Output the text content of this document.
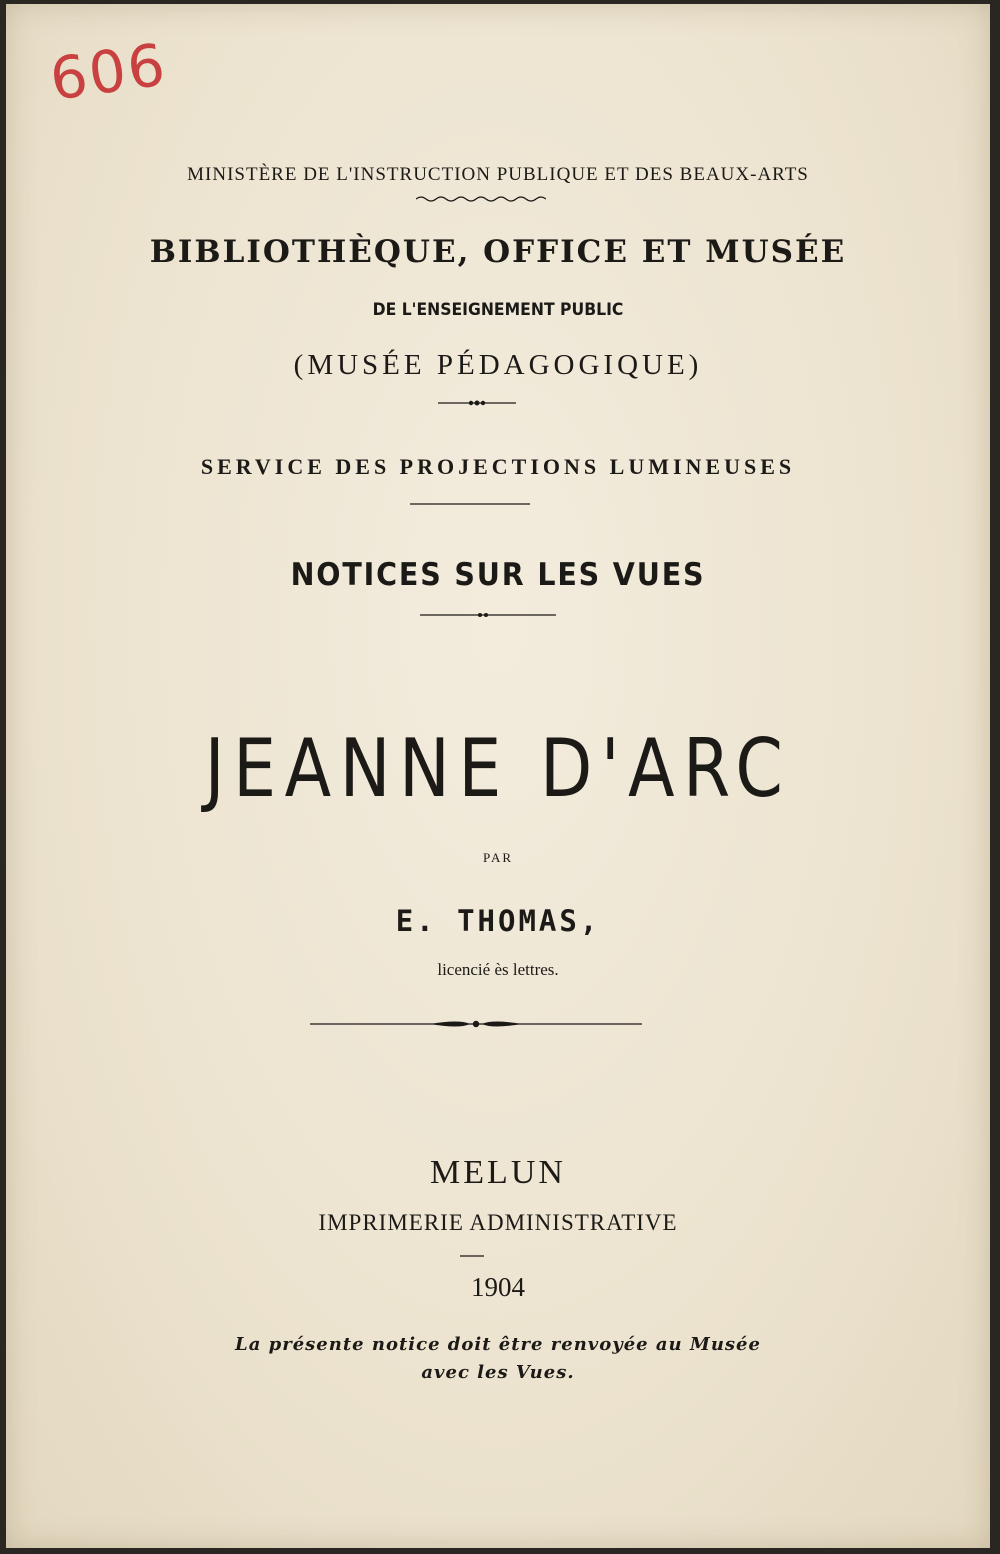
606
MINISTÈRE DE L'INSTRUCTION PUBLIQUE ET DES BEAUX-ARTS
BIBLIOTHÈQUE, OFFICE ET MUSÉE
DE L'ENSEIGNEMENT PUBLIC
(MUSÉE PÉDAGOGIQUE)
SERVICE DES PROJECTIONS LUMINEUSES
NOTICES SUR LES VUES
JEANNE D'ARC
PAR
E. THOMAS,
licencié ès lettres.
MELUN
IMPRIMERIE ADMINISTRATIVE
1904
La présente notice doit être renvoyée au Musée
avec les Vues.
